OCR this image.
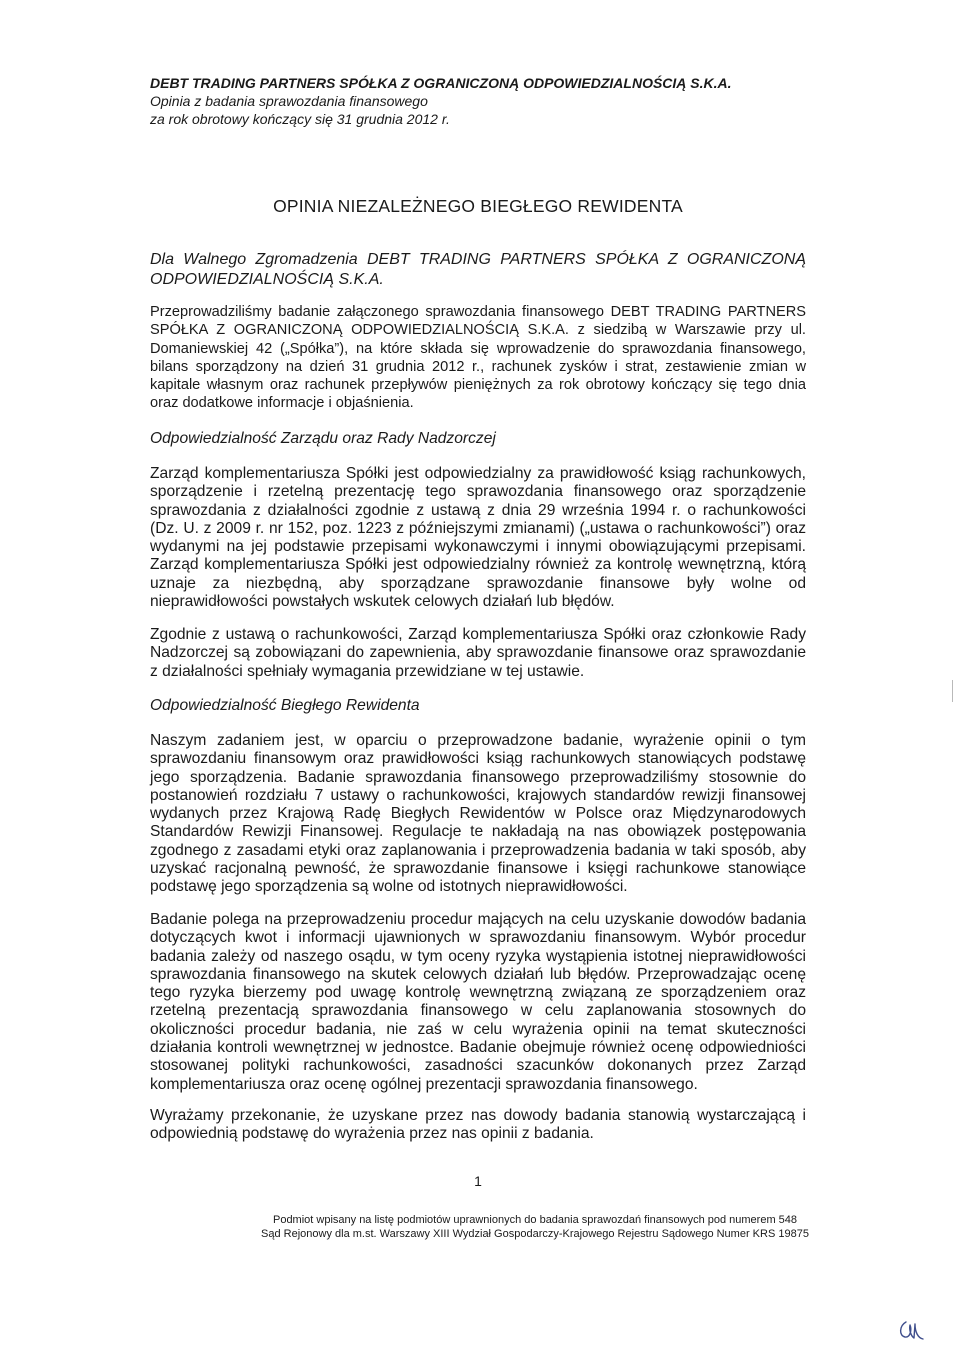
DEBT TRADING PARTNERS SPÓŁKA Z OGRANICZONĄ ODPOWIEDZIALNOŚCIĄ S.K.A.
Opinia z badania sprawozdania finansowego
za rok obrotowy kończący się 31 grudnia 2012 r.
OPINIA NIEZALEŻNEGO BIEGŁEGO REWIDENTA
Dla Walnego Zgromadzenia DEBT TRADING PARTNERS SPÓŁKA Z OGRANICZONĄ ODPOWIEDZIALNOŚCIĄ S.K.A.
Przeprowadziliśmy badanie załączonego sprawozdania finansowego DEBT TRADING PARTNERS SPÓŁKA Z OGRANICZONĄ ODPOWIEDZIALNOŚCIĄ S.K.A. z siedzibą w Warszawie przy ul. Domaniewskiej 42 („Spółka”), na które składa się wprowadzenie do sprawozdania finansowego, bilans sporządzony na dzień 31 grudnia 2012 r., rachunek zysków i strat, zestawienie zmian w kapitale własnym oraz rachunek przepływów pieniężnych za rok obrotowy kończący się tego dnia oraz dodatkowe informacje i objaśnienia.
Odpowiedzialność Zarządu oraz Rady Nadzorczej
Zarząd komplementariusza Spółki jest odpowiedzialny za prawidłowość ksiąg rachunkowych, sporządzenie i rzetelną prezentację tego sprawozdania finansowego oraz sporządzenie sprawozdania z działalności zgodnie z ustawą z dnia 29 września 1994 r. o rachunkowości (Dz. U. z 2009 r. nr 152, poz. 1223 z późniejszymi zmianami) („ustawa o rachunkowości”) oraz wydanymi na jej podstawie przepisami wykonawczymi i innymi obowiązującymi przepisami. Zarząd komplementariusza Spółki jest odpowiedzialny również za kontrolę wewnętrzną, którą uznaje za niezbędną, aby sporządzane sprawozdanie finansowe były wolne od nieprawidłowości powstałych wskutek celowych działań lub błędów.
Zgodnie z ustawą o rachunkowości, Zarząd komplementariusza Spółki oraz członkowie Rady Nadzorczej są zobowiązani do zapewnienia, aby sprawozdanie finansowe oraz sprawozdanie z działalności spełniały wymagania przewidziane w tej ustawie.
Odpowiedzialność Biegłego Rewidenta
Naszym zadaniem jest, w oparciu o przeprowadzone badanie, wyrażenie opinii o tym sprawozdaniu finansowym oraz prawidłowości ksiąg rachunkowych stanowiących podstawę jego sporządzenia. Badanie sprawozdania finansowego przeprowadziliśmy stosownie do postanowień rozdziału 7 ustawy o rachunkowości, krajowych standardów rewizji finansowej wydanych przez Krajową Radę Biegłych Rewidentów w Polsce oraz Międzynarodowych Standardów Rewizji Finansowej. Regulacje te nakładają na nas obowiązek postępowania zgodnego z zasadami etyki oraz zaplanowania i przeprowadzenia badania w taki sposób, aby uzyskać racjonalną pewność, że sprawozdanie finansowe i księgi rachunkowe stanowiące podstawę jego sporządzenia są wolne od istotnych nieprawidłowości.
Badanie polega na przeprowadzeniu procedur mających na celu uzyskanie dowodów badania dotyczących kwot i informacji ujawnionych w sprawozdaniu finansowym. Wybór procedur badania zależy od naszego osądu, w tym oceny ryzyka wystąpienia istotnej nieprawidłowości sprawozdania finansowego na skutek celowych działań lub błędów. Przeprowadzając ocenę tego ryzyka bierzemy pod uwagę kontrolę wewnętrzną związaną ze sporządzeniem oraz rzetelną prezentacją sprawozdania finansowego w celu zaplanowania stosownych do okoliczności procedur badania, nie zaś w celu wyrażenia opinii na temat skuteczności działania kontroli wewnętrznej w jednostce. Badanie obejmuje również ocenę odpowiedniości stosowanej polityki rachunkowości, zasadności szacunków dokonanych przez Zarząd komplementariusza oraz ocenę ogólnej prezentacji sprawozdania finansowego.
Wyrażamy przekonanie, że uzyskane przez nas dowody badania stanowią wystarczającą i odpowiednią podstawę do wyrażenia przez nas opinii z badania.
1
Podmiot wpisany na listę podmiotów uprawnionych do badania sprawozdań finansowych pod numerem 548
Sąd Rejonowy dla m.st. Warszawy XIII Wydział Gospodarczy-Krajowego Rejestru Sądowego Numer KRS 19875
